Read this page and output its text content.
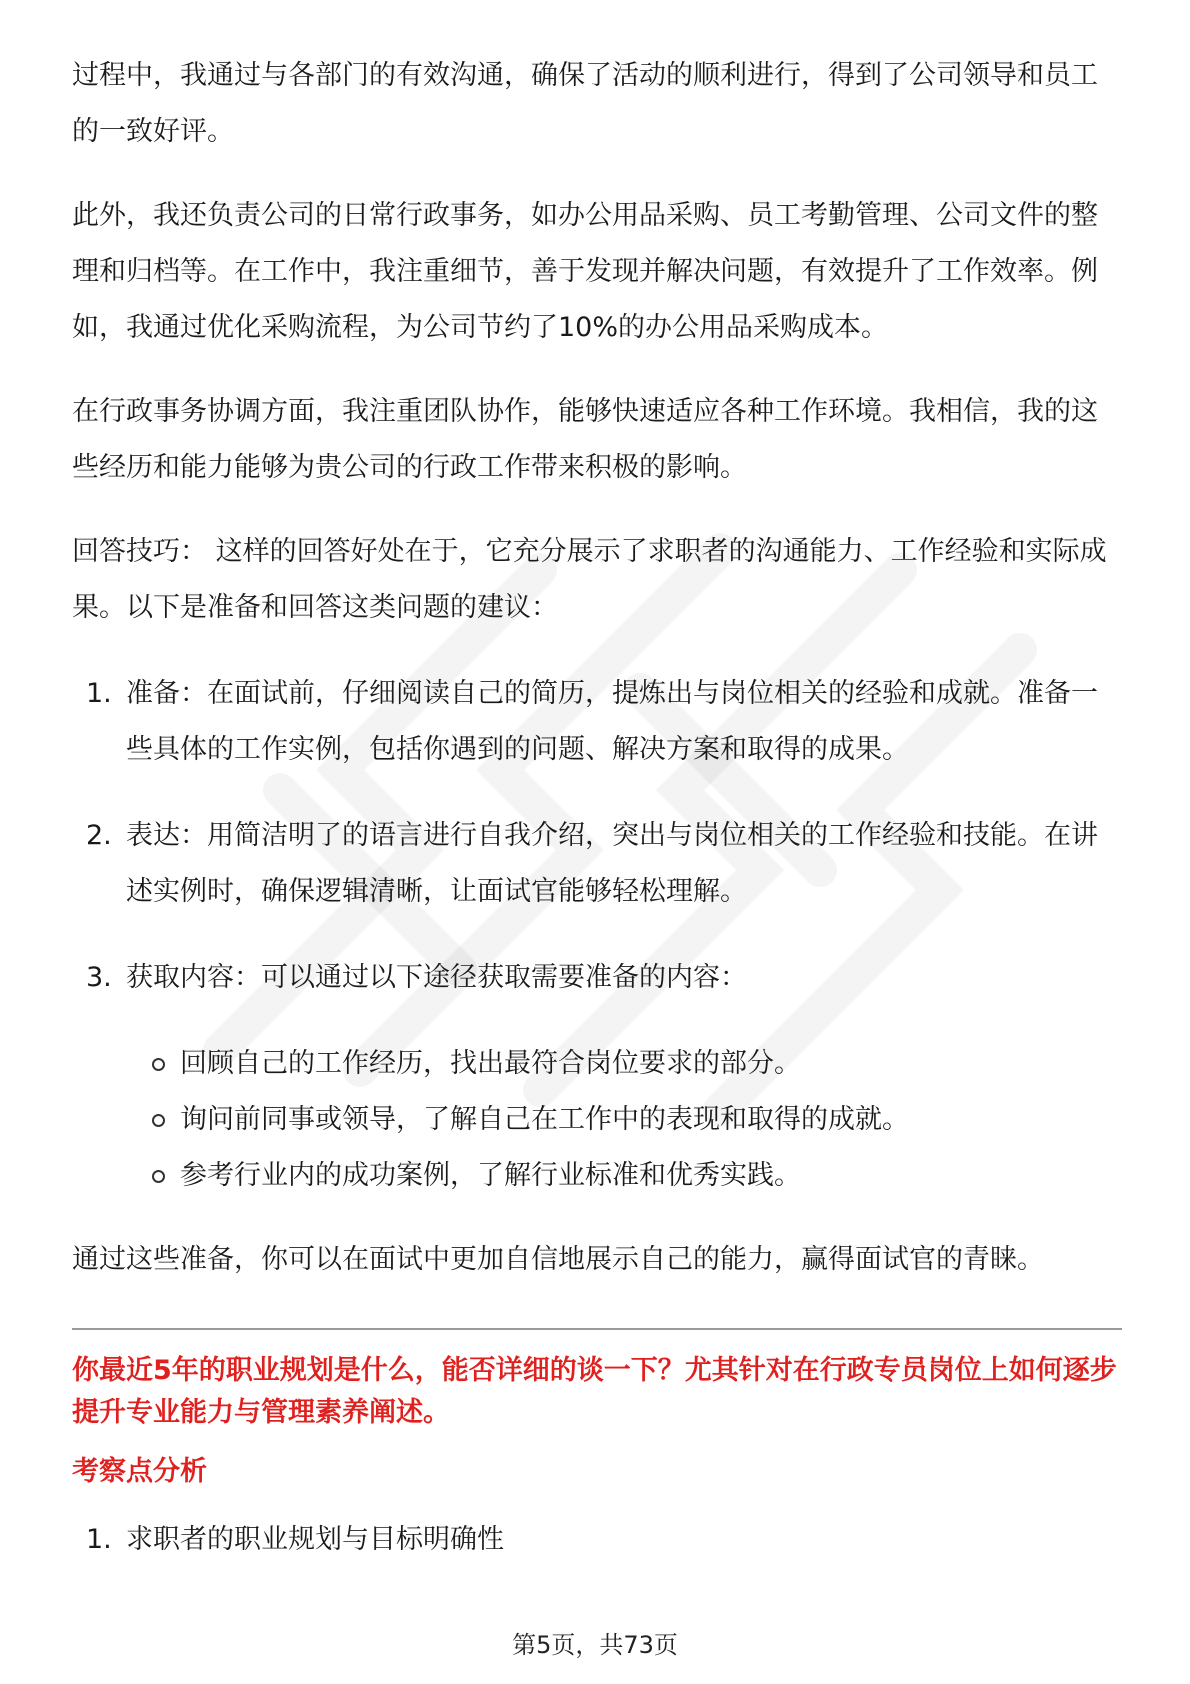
过程中，我通过与各部门的有效沟通，确保了活动的顺利进行，得到了公司领导和员工的一致好评。

此外，我还负责公司的日常行政事务，如办公用品采购、员工考勤管理、公司文件的整理和归档等。在工作中，我注重细节，善于发现并解决问题，有效提升了工作效率。例如，我通过优化采购流程，为公司节约了10%的办公用品采购成本。

在行政事务协调方面，我注重团队协作，能够快速适应各种工作环境。我相信，我的这些经历和能力能够为贵公司的行政工作带来积极的影响。

回答技巧： 这样的回答好处在于，它充分展示了求职者的沟通能力、工作经验和实际成果。以下是准备和回答这类问题的建议：

1. 准备：在面试前，仔细阅读自己的简历，提炼出与岗位相关的经验和成就。准备一些具体的工作实例，包括你遇到的问题、解决方案和取得的成果。
2. 表达：用简洁明了的语言进行自我介绍，突出与岗位相关的工作经验和技能。在讲述实例时，确保逻辑清晰，让面试官能够轻松理解。
3. 获取内容：可以通过以下途径获取需要准备的内容：
回顾自己的工作经历，找出最符合岗位要求的部分。
询问前同事或领导，了解自己在工作中的表现和取得的成就。
参考行业内的成功案例，了解行业标准和优秀实践。

通过这些准备，你可以在面试中更加自信地展示自己的能力，赢得面试官的青睐。

你最近5年的职业规划是什么，能否详细的谈一下？尤其针对在行政专员岗位上如何逐步提升专业能力与管理素养阐述。
考察点分析
1. 求职者的职业规划与目标明确性
第5页，共73页
